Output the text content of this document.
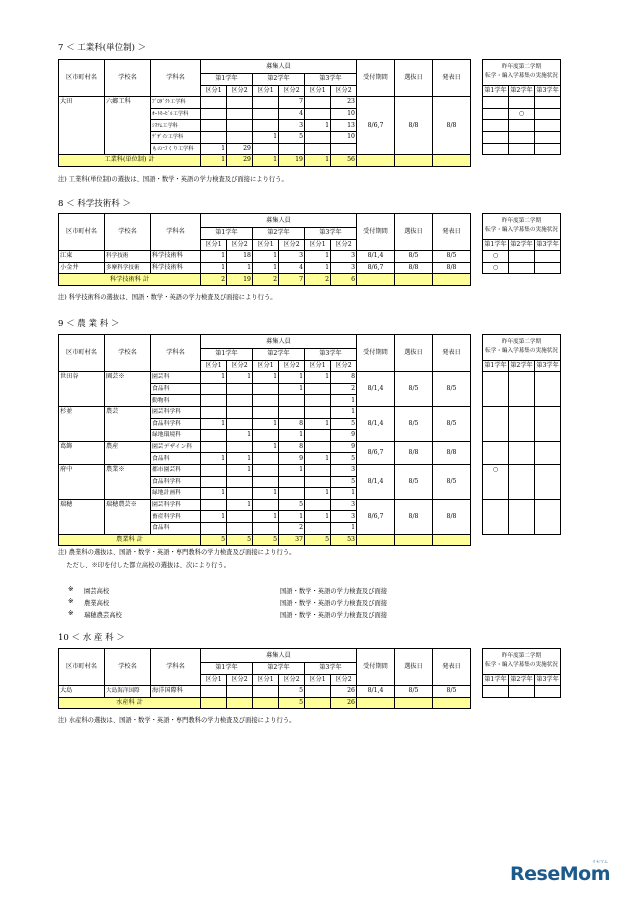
7 ＜ 工業科(単位制) ＞
区市町村名	学校名	学科名	募集人員						受付期間	選抜日	発表日		昨年度第二学期
転学・編入学募集の実施状況		

			第1学年		第2学年		第3学年								
			区分1	区分2	区分1	区分2	区分1	区分2					第1学年	第2学年	第3学年
大田	六郷工科	ﾌﾟﾛﾀﾞｸﾄ工学科				7		23	8/6,7	8/8	8/8				
		ｵｰﾄﾓｰﾋﾞﾙ工学科				4		10						○	
		ｼｽﾃﾑ工学科				3	1	13							
		ﾃﾞｻﾞｲﾝ工学科			1	5		10							
		ものづくり工学科	1	29											
工業科(単位制) 計			1	29	1	19	1	56							
注) 工業科(単位制)の選抜は、国語・数学・英語の学力検査及び面接により行う。
8 ＜ 科学技術科 ＞
区市町村名	学校名	学科名	募集人員						受付期間	選抜日	発表日		昨年度第二学期
転学・編入学募集の実施状況		

			第1学年		第2学年		第3学年								
			区分1	区分2	区分1	区分2	区分1	区分2					第1学年	第2学年	第3学年
江東	科学技術	科学技術科	1	18	1	3	1	3	8/1,4	8/5	8/5		○		
小金井	多摩科学技術	科学技術科	1	1	1	4	1	3	8/6,7	8/8	8/8		○		
科学技術科 計			2	19	2	7	2	6							
注) 科学技術科の選抜は、国語・数学・英語の学力検査及び面接により行う。
9 ＜ 農 業 科 ＞
区市町村名	学校名	学科名	募集人員						受付期間	選抜日	発表日		昨年度第二学期
転学・編入学募集の実施状況		

			第1学年		第2学年		第3学年								
			区分1	区分2	区分1	区分2	区分1	区分2					第1学年	第2学年	第3学年
世田谷	園芸※	園芸科	1	1	1	1	1	8	8/1,4	8/5	8/5				
		食品科				1		2							
		動物科						1							
杉並	農芸	園芸科学科						1	8/1,4	8/5	8/5				
		食品科学科	1		1	8	1	5							
		緑地環境科		1		1		9							
葛飾	農産	園芸デザイン科			1	8		9	8/6,7	8/8	8/8				
		食品科	1	1		9	1	5							
府中	農業※	都市園芸科		1		1		3	8/1,4	8/5	8/5		○		
		食品科学科						5							
		緑地計画科	1		1		1	1							
瑞穂	瑞穂農芸※	園芸科学科		1		5		3	8/6,7	8/8	8/8				
		畜産科学科	1		1	1	1	3							
		食品科				2		1							
農業科 計			5	5	5	37	5	53							
注) 農業科の選抜は、国語・数学・英語・専門教科の学力検査及び面接により行う。
　 ただし、※印を付した都立高校の選抜は、次により行う。
※ 園芸高校	国語・数学・英語の学力検査及び面接
※ 農業高校	国語・数学・英語の学力検査及び面接
※ 瑞穂農芸高校	国語・数学・英語の学力検査及び面接
10 ＜ 水 産 科 ＞
区市町村名	学校名	学科名	募集人員						受付期間	選抜日	発表日		昨年度第二学期
転学・編入学募集の実施状況		

			第1学年		第2学年		第3学年								
			区分1	区分2	区分1	区分2	区分1	区分2					第1学年	第2学年	第3学年
大島	大島海洋国際	海洋国際科				5		26	8/1,4	8/5	8/5				
水産科 計						5		26							
注) 水産科の選抜は、国語・数学・英語・専門教科の学力検査及び面接により行う。
リセマム
ReseMom
